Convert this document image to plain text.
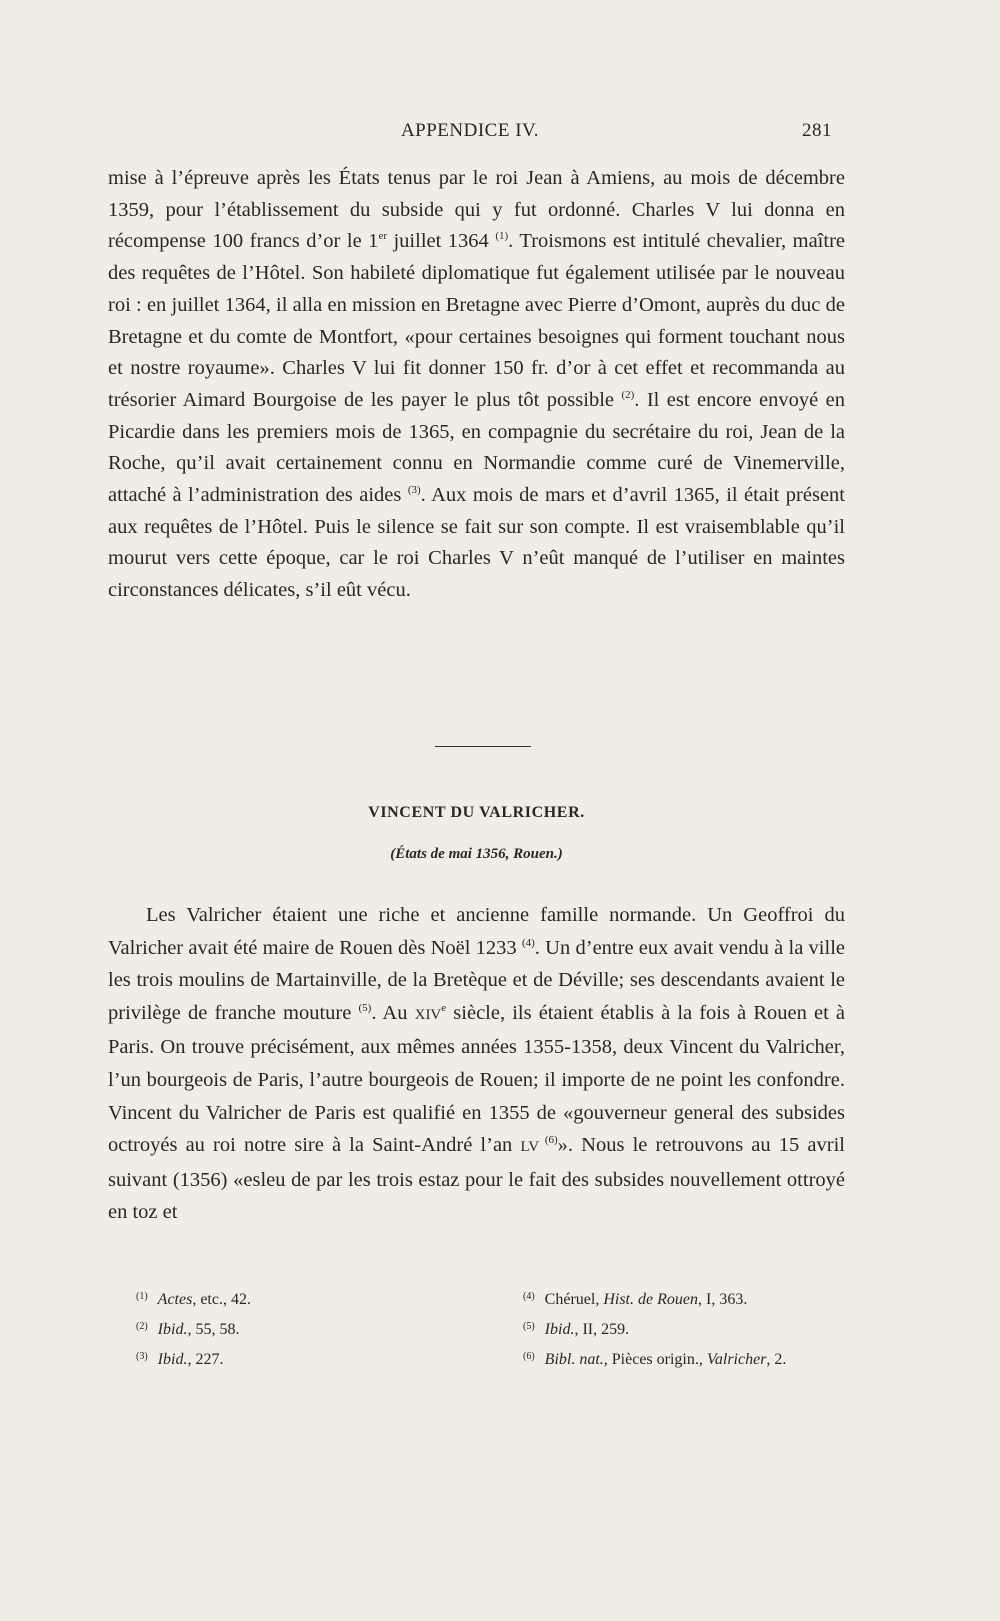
APPENDICE IV.	281

mise à l’épreuve après les États tenus par le roi Jean à Amiens, au mois de décembre 1359, pour l’établissement du subside qui y fut ordonné. Charles V lui donna en récompense 100 francs d’or le 1er juillet 1364 $^{(1)}$. Troismons est intitulé chevalier, maître des requêtes de l’Hôtel. Son habileté diplomatique fut également utilisée par le nouveau roi : en juillet 1364, il alla en mission en Bretagne avec Pierre d’Omont, auprès du duc de Bretagne et du comte de Montfort, «pour certaines besoignes qui forment touchant nous et nostre royaume». Charles V lui fit donner 150 fr. d’or à cet effet et recommanda au trésorier Aimard Bourgoise de les payer le plus tôt possible $^{(2)}$. Il est encore envoyé en Picardie dans les premiers mois de 1365, en compagnie du secrétaire du roi, Jean de la Roche, qu’il avait certainement connu en Normandie comme curé de Vinemerville, attaché à l’administration des aides $^{(3)}$. Aux mois de mars et d’avril 1365, il était présent aux requêtes de l’Hôtel. Puis le silence se fait sur son compte. Il est vraisemblable qu’il mourut vers cette époque, car le roi Charles V n’eût manqué de l’utiliser en maintes circonstances délicates, s’il eût vécu.

VINCENT DU VALRICHER.
(États de mai 1356, Rouen.)

Les Valricher étaient une riche et ancienne famille normande. Un Geoffroi du Valricher avait été maire de Rouen dès Noël 1233 $^{(4)}$. Un d’entre eux avait vendu à la ville les trois moulins de Martainville, de la Bretèque et de Déville; ses descendants avaient le privilège de franche mouture $^{(5)}$. Au XIVe siècle, ils étaient établis à la fois à Rouen et à Paris. On trouve précisément, aux mêmes années 1355-1358, deux Vincent du Valricher, l’un bourgeois de Paris, l’autre bourgeois de Rouen; il importe de ne point les confondre. Vincent du Valricher de Paris est qualifié en 1355 de «gouverneur general des subsides octroyés au roi notre sire à la Saint-André l’an LV $^{(6)}$». Nous le retrouvons au 15 avril suivant (1356) «esleu de par les trois estaz pour le fait des subsides nouvellement ottroyé en toz et

$^{(1)}$ Actes, etc., 42.
$^{(2)}$ Ibid., 55, 58.
$^{(3)}$ Ibid., 227.
$^{(4)}$ Chéruel, Hist. de Rouen, I, 363.
$^{(5)}$ Ibid., II, 259.
$^{(6)}$ Bibl. nat., Pièces origin., Valricher, 2.
